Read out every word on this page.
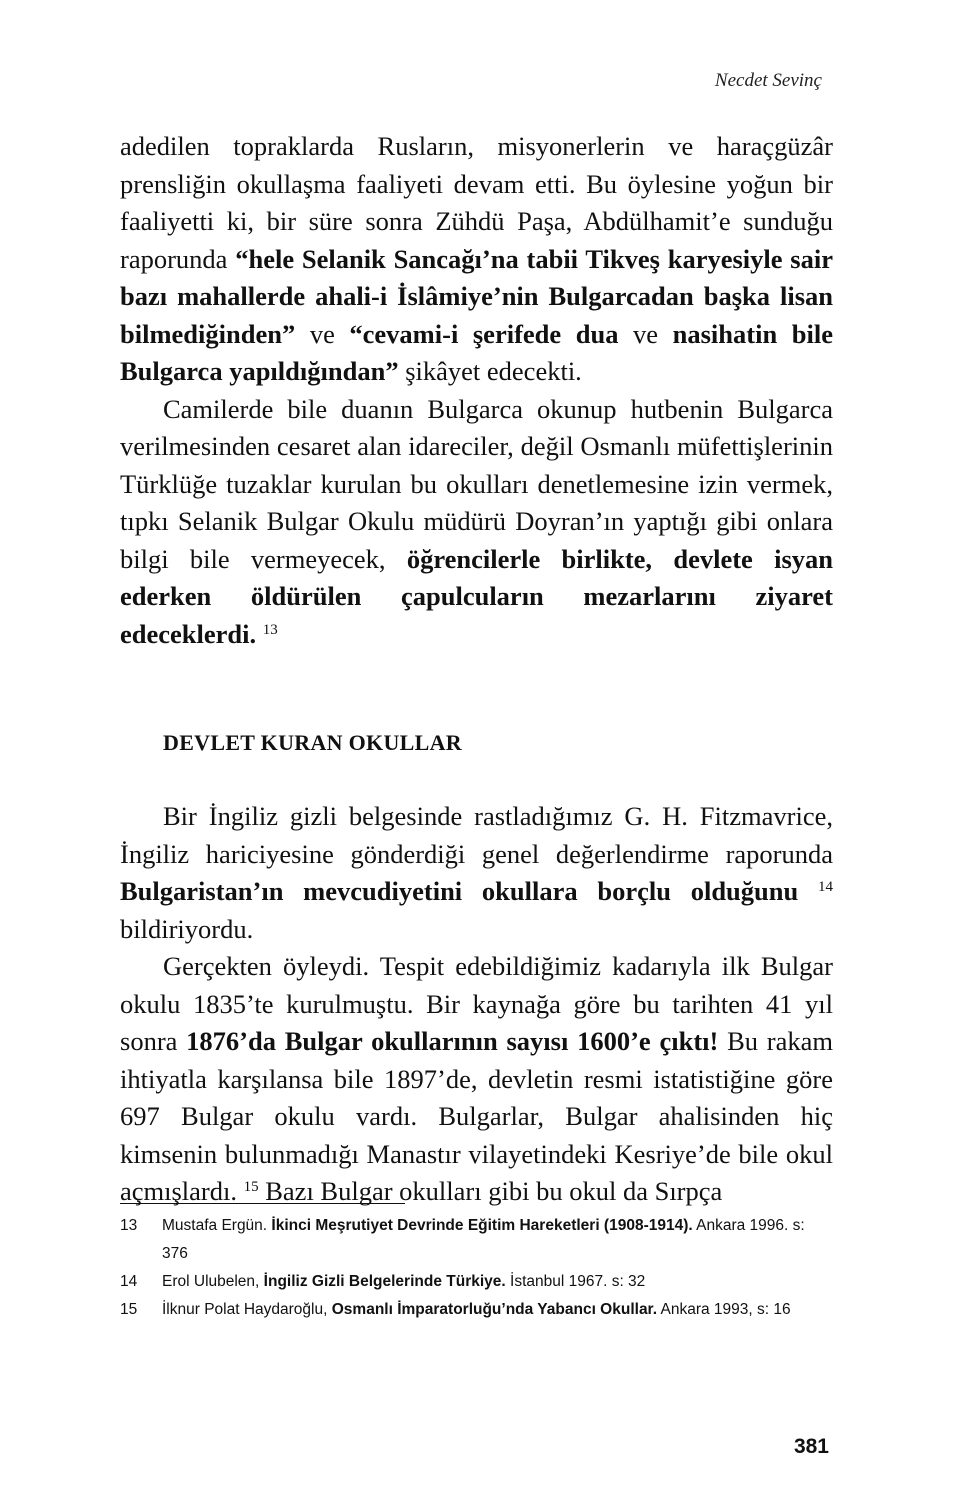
Necdet Sevinç

adedilen topraklarda Rusların, misyonerlerin ve haraçgüzâr prensliğin okullaşma faaliyeti devam etti. Bu öylesine yoğun bir faaliyetti ki, bir süre sonra Zühdü Paşa, Abdülhamit’e sunduğu raporunda “hele Selanik Sancağı’na tabii Tikveş karyesiyle sair bazı mahallerde ahali-i İslâmiye’nin Bulgarcadan başka lisan bilmediğinden” ve “cevami-i şerifede dua ve nasihatin bile Bulgarca yapıldığından” şikâyet edecekti.

Camilerde bile duanın Bulgarca okunup hutbenin Bulgarca verilmesinden cesaret alan idareciler, değil Osmanlı müfettişlerinin Türklüğe tuzaklar kurulan bu okulları denetlemesine izin vermek, tıpkı Selanik Bulgar Okulu müdürü Doyran’ın yaptığı gibi onlara bilgi bile vermeyecek, öğrencilerle birlikte, devlete isyan ederken öldürülen çapulcuların mezarlarını ziyaret edeceklerdi. $^{13}$

DEVLET KURAN OKULLAR

Bir İngiliz gizli belgesinde rastladığımız G. H. Fitzmavrice, İngiliz hariciyesine gönderdiği genel değerlendirme raporunda Bulgaristan’ın mevcudiyetini okullara borçlu olduğunu $^{14}$ bildiriyordu.

Gerçekten öyleydi. Tespit edebildiğimiz kadarıyla ilk Bulgar okulu 1835’te kurulmuştu. Bir kaynağa göre bu tarihten 41 yıl sonra 1876’da Bulgar okullarının sayısı 1600’e çıktı! Bu rakam ihtiyatla karşılansa bile 1897’de, devletin resmi istatistiğine göre 697 Bulgar okulu vardı. Bulgarlar, Bulgar ahalisinden hiç kimsenin bulunmadığı Manastır vilayetindeki Kesriye’de bile okul açmışlardı. $^{15}$ Bazı Bulgar okulları gibi bu okul da Sırpça

13	Mustafa Ergün. İkinci Meşrutiyet Devrinde Eğitim Hareketleri (1908-1914). Ankara 1996. s: 376
14	Erol Ulubelen, İngiliz Gizli Belgelerinde Türkiye. İstanbul 1967. s: 32
15	İlknur Polat Haydaroğlu, Osmanlı İmparatorluğu’nda Yabancı Okullar. Ankara 1993, s: 16
381
